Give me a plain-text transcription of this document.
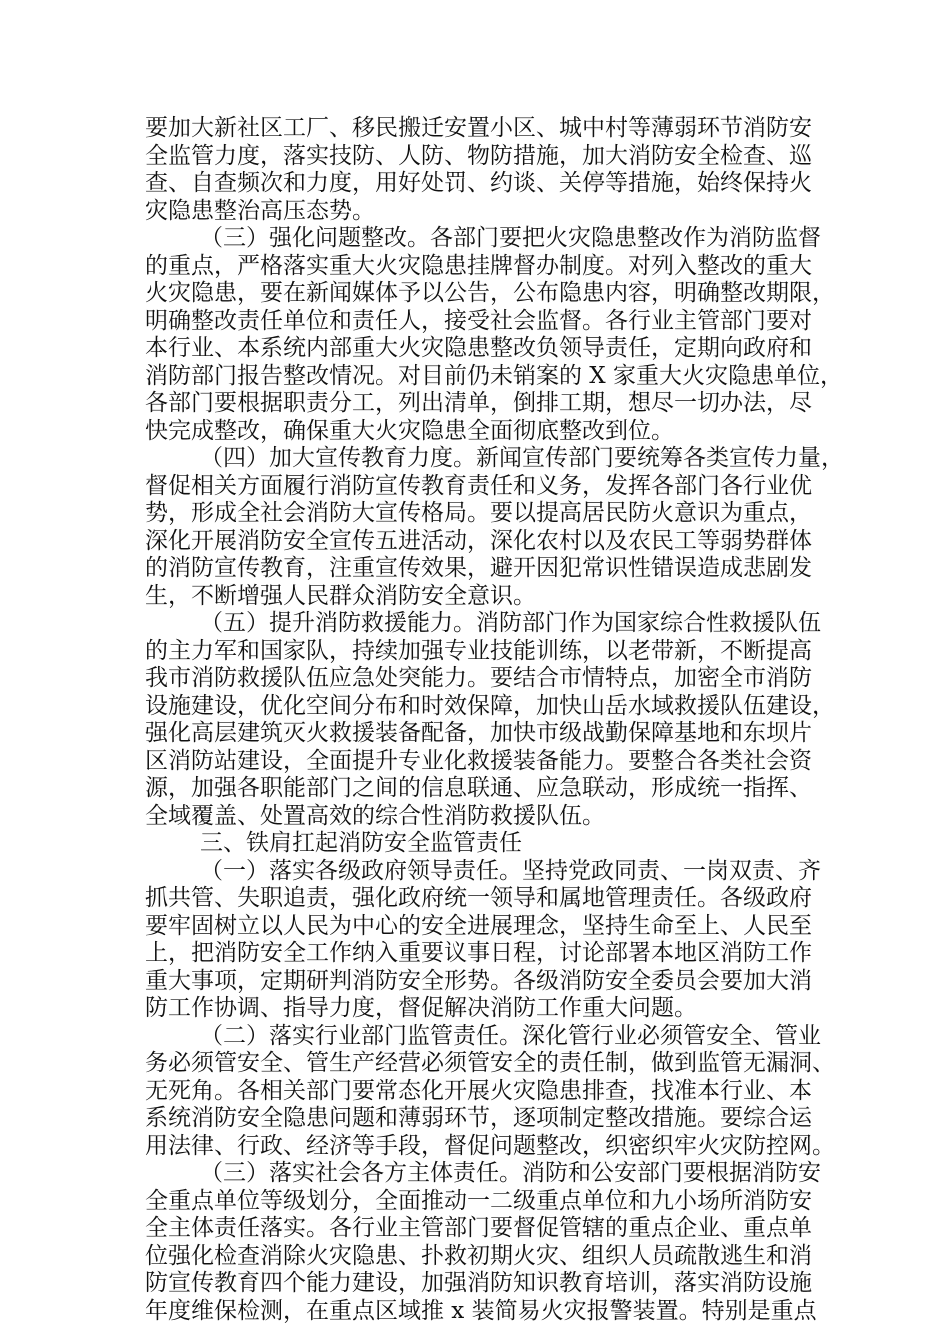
要加大新社区工厂、移民搬迁安置小区、城中村等薄弱环节消防安
全监管力度，落实技防、人防、物防措施，加大消防安全检查、巡
查、自查频次和力度，用好处罚、约谈、关停等措施，始终保持火
灾隐患整治高压态势。
（三）强化问题整改。各部门要把火灾隐患整改作为消防监督
的重点，严格落实重大火灾隐患挂牌督办制度。对列入整改的重大
火灾隐患，要在新闻媒体予以公告，公布隐患内容，明确整改期限，
明确整改责任单位和责任人，接受社会监督。各行业主管部门要对
本行业、本系统内部重大火灾隐患整改负领导责任，定期向政府和
消防部门报告整改情况。对目前仍未销案的 X 家重大火灾隐患单位，
各部门要根据职责分工，列出清单，倒排工期，想尽一切办法，尽
快完成整改，确保重大火灾隐患全面彻底整改到位。
（四）加大宣传教育力度。新闻宣传部门要统筹各类宣传力量，
督促相关方面履行消防宣传教育责任和义务，发挥各部门各行业优
势，形成全社会消防大宣传格局。要以提高居民防火意识为重点，
深化开展消防安全宣传五进活动，深化农村以及农民工等弱势群体
的消防宣传教育，注重宣传效果，避开因犯常识性错误造成悲剧发
生，不断增强人民群众消防安全意识。
（五）提升消防救援能力。消防部门作为国家综合性救援队伍
的主力军和国家队，持续加强专业技能训练，以老带新，不断提高
我市消防救援队伍应急处突能力。要结合市情特点，加密全市消防
设施建设，优化空间分布和时效保障，加快山岳水域救援队伍建设，
强化高层建筑灭火救援装备配备，加快市级战勤保障基地和东坝片
区消防站建设，全面提升专业化救援装备能力。要整合各类社会资
源，加强各职能部门之间的信息联通、应急联动，形成统一指挥、
全域覆盖、处置高效的综合性消防救援队伍。
三、铁肩扛起消防安全监管责任
（一）落实各级政府领导责任。坚持党政同责、一岗双责、齐
抓共管、失职追责，强化政府统一领导和属地管理责任。各级政府
要牢固树立以人民为中心的安全进展理念，坚持生命至上、人民至
上，把消防安全工作纳入重要议事日程，讨论部署本地区消防工作
重大事项，定期研判消防安全形势。各级消防安全委员会要加大消
防工作协调、指导力度，督促解决消防工作重大问题。
（二）落实行业部门监管责任。深化管行业必须管安全、管业
务必须管安全、管生产经营必须管安全的责任制，做到监管无漏洞、
无死角。各相关部门要常态化开展火灾隐患排查，找准本行业、本
系统消防安全隐患问题和薄弱环节，逐项制定整改措施。要综合运
用法律、行政、经济等手段，督促问题整改，织密织牢火灾防控网。
（三）落实社会各方主体责任。消防和公安部门要根据消防安
全重点单位等级划分，全面推动一二级重点单位和九小场所消防安
全主体责任落实。各行业主管部门要督促管辖的重点企业、重点单
位强化检查消除火灾隐患、扑救初期火灾、组织人员疏散逃生和消
防宣传教育四个能力建设，加强消防知识教育培训，落实消防设施
年度维保检测，在重点区域推 x 装简易火灾报警装置。特别是重点
